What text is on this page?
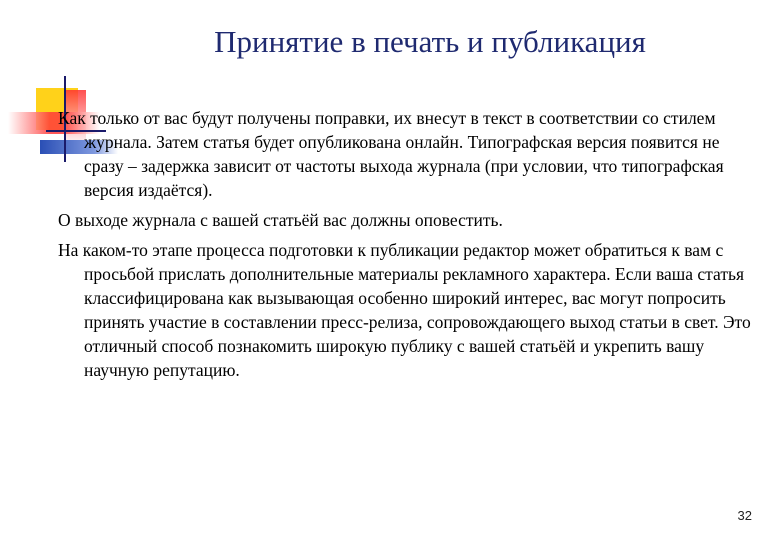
Принятие в печать и публикация

Как только от вас будут получены поправки, их внесут в текст в соответствии со стилем журнала. Затем статья будет опубликована онлайн. Типографская версия появится не сразу – задержка зависит от частоты выхода журнала (при условии, что типографская версия издаётся).

О выходе журнала с вашей статьёй вас должны оповестить.

На каком-то этапе процесса подготовки к публикации редактор может обратиться к вам с просьбой прислать дополнительные материалы рекламного характера. Если ваша статья классифицирована как вызывающая особенно широкий интерес, вас могут попросить принять участие в составлении пресс-релиза, сопровождающего выход статьи в свет. Это отличный способ познакомить широкую публику с вашей статьёй и укрепить вашу научную репутацию.

32
